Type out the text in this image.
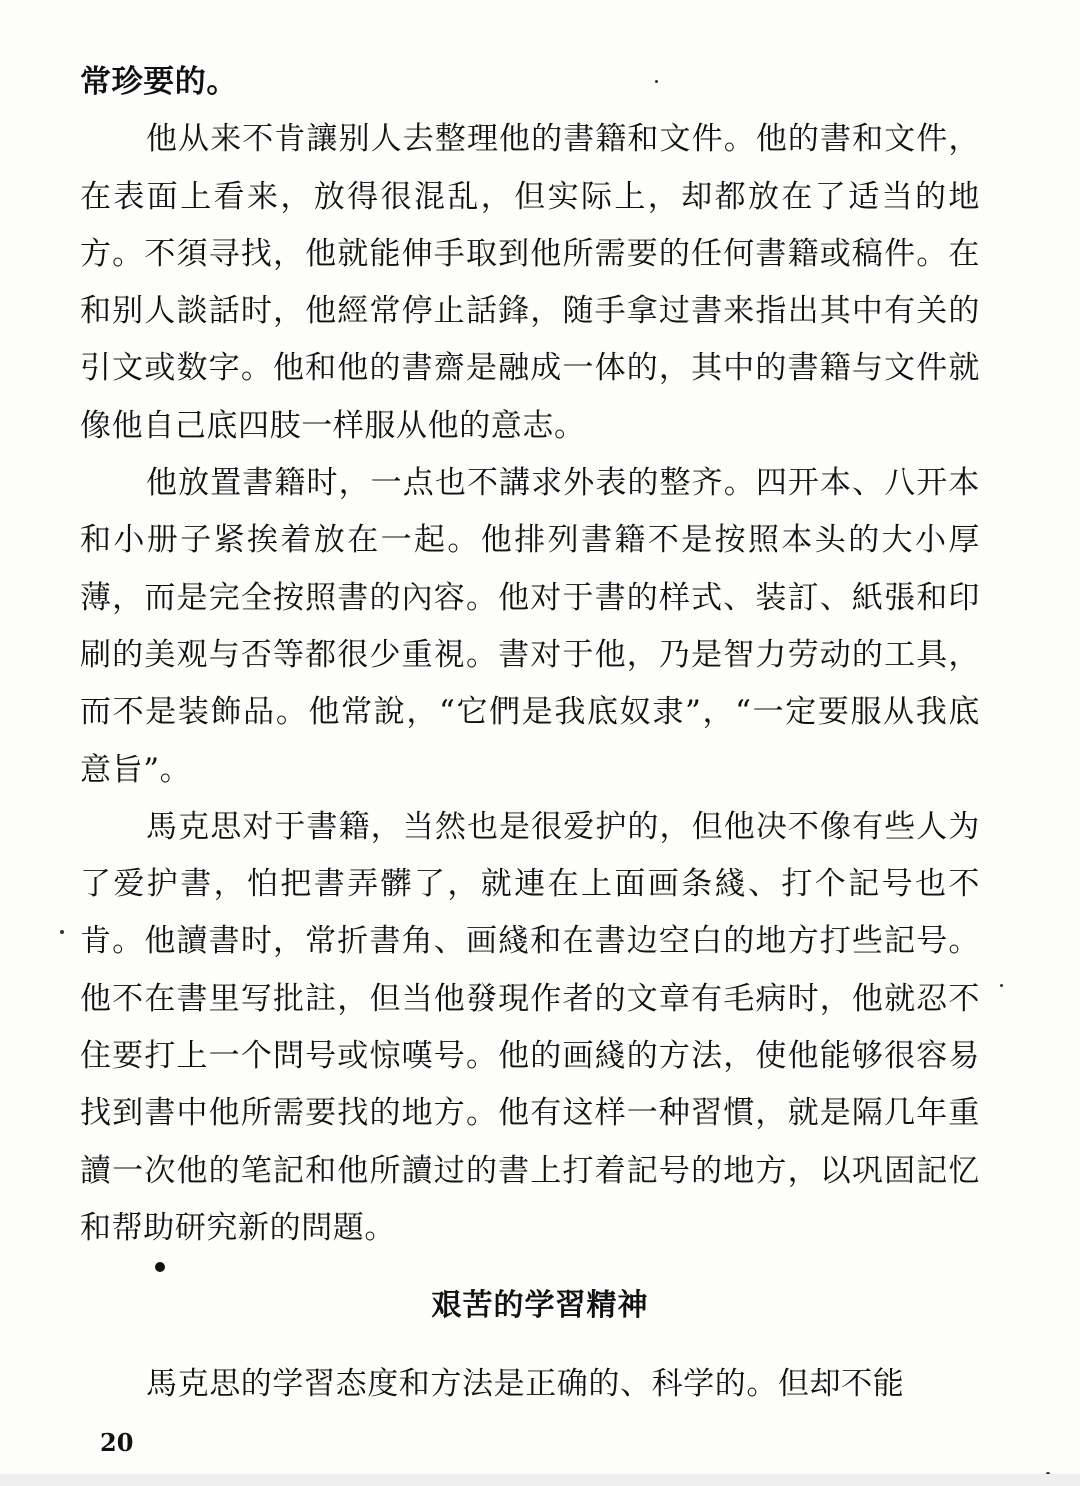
常珍要的。

他从来不肯讓别人去整理他的書籍和文件。他的書和文件，在表面上看来，放得很混乱，但实际上，却都放在了适当的地方。不須寻找，他就能伸手取到他所需要的任何書籍或稿件。在和别人談話时，他經常停止話鋒，随手拿过書来指出其中有关的引文或数字。他和他的書齋是融成一体的，其中的書籍与文件就像他自己底四肢一样服从他的意志。

他放置書籍时，一点也不講求外表的整齐。四开本、八开本和小册子紧挨着放在一起。他排列書籍不是按照本头的大小厚薄，而是完全按照書的內容。他对于書的样式、装訂、紙張和印刷的美观与否等都很少重視。書对于他，乃是智力劳动的工具，而不是装飾品。他常說，“它們是我底奴隶”，“一定要服从我底意旨”。

馬克思对于書籍，当然也是很爱护的，但他决不像有些人为了爱护書，怕把書弄髒了，就連在上面画条綫、打个記号也不肯。他讀書时，常折書角、画綫和在書边空白的地方打些記号。他不在書里写批註，但当他發現作者的文章有毛病时，他就忍不住要打上一个問号或惊嘆号。他的画綫的方法，使他能够很容易找到書中他所需要找的地方。他有这样一种習慣，就是隔几年重讀一次他的笔記和他所讀过的書上打着記号的地方，以巩固記忆和帮助研究新的問題。

艰苦的学習精神
馬克思的学習态度和方法是正确的、科学的。但却不能
20
